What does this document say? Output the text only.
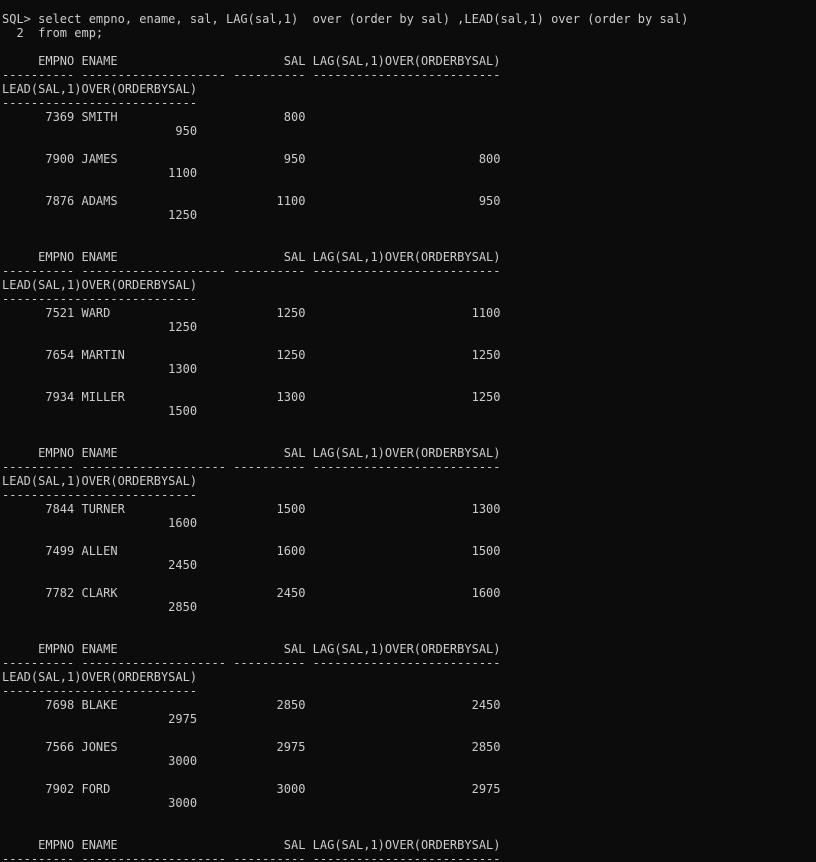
SQL> select empno, ename, sal, LAG(sal,1)  over (order by sal) ,LEAD(sal,1) over (order by sal)
2  from emp;
EMPNO ENAME                       SAL LAG(SAL,1)OVER(ORDERBYSAL)
---------- -------------------- ---------- --------------------------
LEAD(SAL,1)OVER(ORDERBYSAL)
---------------------------
7369 SMITH                       800
950
7900 JAMES                       950                        800
1100
7876 ADAMS                      1100                        950
1250
EMPNO ENAME                       SAL LAG(SAL,1)OVER(ORDERBYSAL)
---------- -------------------- ---------- --------------------------
LEAD(SAL,1)OVER(ORDERBYSAL)
---------------------------
7521 WARD                       1250                       1100
1250
7654 MARTIN                     1250                       1250
1300
7934 MILLER                     1300                       1250
1500
EMPNO ENAME                       SAL LAG(SAL,1)OVER(ORDERBYSAL)
---------- -------------------- ---------- --------------------------
LEAD(SAL,1)OVER(ORDERBYSAL)
---------------------------
7844 TURNER                     1500                       1300
1600
7499 ALLEN                      1600                       1500
2450
7782 CLARK                      2450                       1600
2850
EMPNO ENAME                       SAL LAG(SAL,1)OVER(ORDERBYSAL)
---------- -------------------- ---------- --------------------------
LEAD(SAL,1)OVER(ORDERBYSAL)
---------------------------
7698 BLAKE                      2850                       2450
2975
7566 JONES                      2975                       2850
3000
7902 FORD                       3000                       2975
3000
EMPNO ENAME                       SAL LAG(SAL,1)OVER(ORDERBYSAL)
---------- -------------------- ---------- --------------------------
